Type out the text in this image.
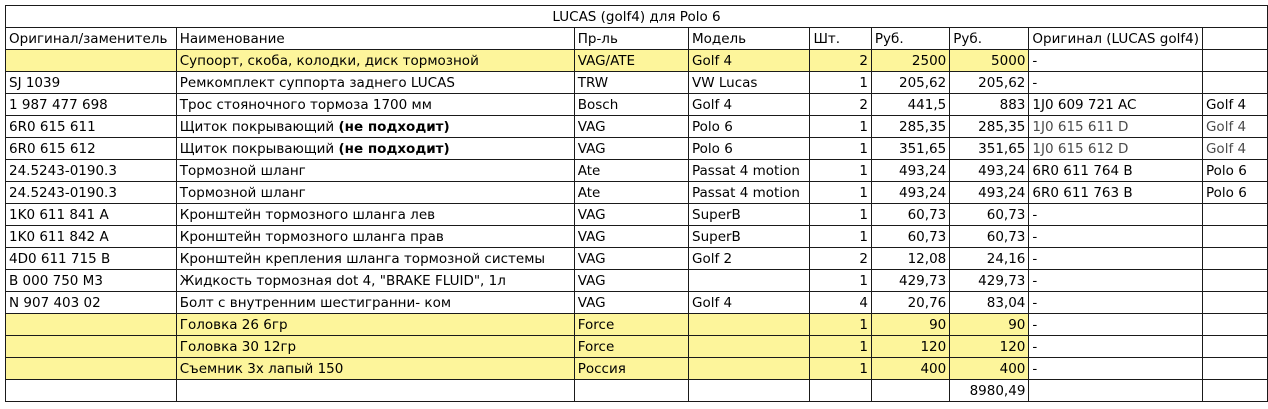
LUCAS (golf4) для Polo 6								
Оригинал/заменитель	Наименование	Пр-ль	Модель	Шт.	Руб.	Руб.	Оригинал (LUCAS golf4)	
	Супоорт, скоба, колодки, диск тормозной	VAG/ATE	Golf 4	2	2500	5000	-	
SJ 1039	Ремкомплект суппорта заднего LUCAS	TRW	VW Lucas	1	205,62	205,62	-	
1 987 477 698	Трос стояночного тормоза 1700 мм	Bosch	Golf 4	2	441,5	883	1J0 609 721 AC	Golf 4
6R0 615 611	Щиток покрывающий (не подходит)	VAG	Polo 6	1	285,35	285,35	1J0 615 611 D	Golf 4
6R0 615 612	Щиток покрывающий (не подходит)	VAG	Polo 6	1	351,65	351,65	1J0 615 612 D	Golf 4
24.5243-0190.3	Тормозной шланг	Ate	Passat 4 motion	1	493,24	493,24	6R0 611 764 B	Polo 6
24.5243-0190.3	Тормозной шланг	Ate	Passat 4 motion	1	493,24	493,24	6R0 611 763 B	Polo 6
1K0 611 841 A	Кронштейн тормозного шланга лев	VAG	SuperB	1	60,73	60,73	-	
1K0 611 842 A	Кронштейн тормозного шланга прав	VAG	SuperB	1	60,73	60,73	-	
4D0 611 715 B	Кронштейн крепления шланга тормозной системы	VAG	Golf 2	2	12,08	24,16	-	
B 000 750 M3	Жидкость тормозная dot 4, "BRAKE FLUID", 1л	VAG		1	429,73	429,73	-	
N 907 403 02	Болт с внутренним шестигранни- ком	VAG	Golf 4	4	20,76	83,04	-	
	Головка 26 6гр	Force		1	90	90	-	
	Головка 30 12гр	Force		1	120	120	-	
	Съемник 3х лапый 150	Россия		1	400	400	-	
						8980,49		
